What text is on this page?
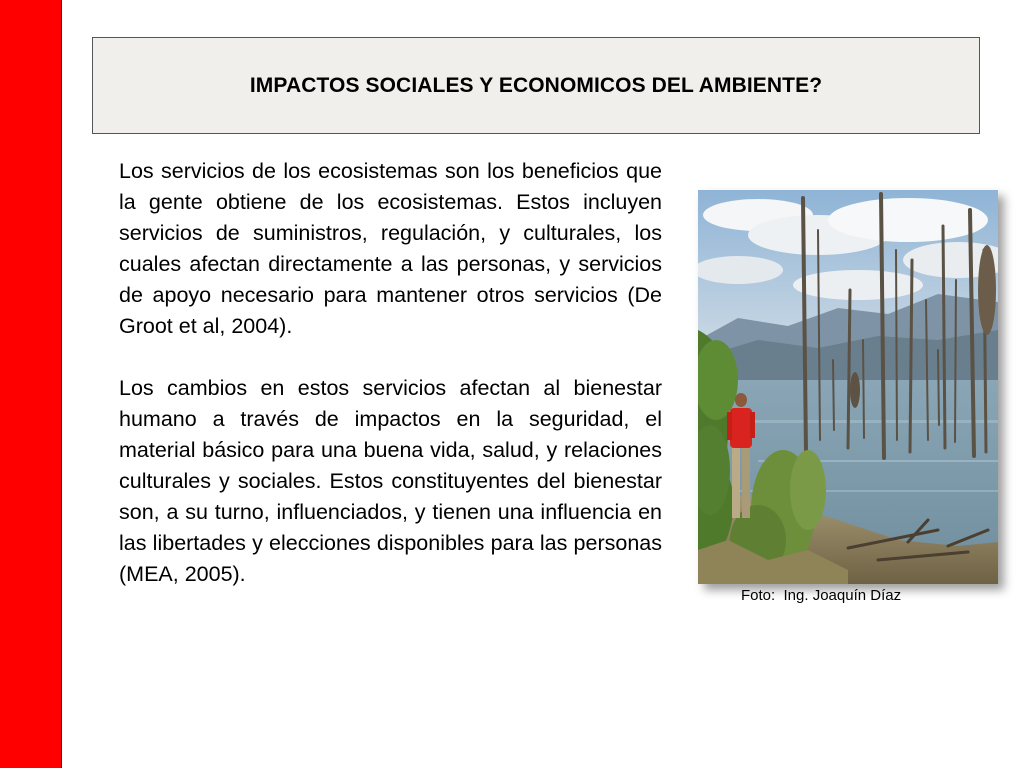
IMPACTOS SOCIALES Y ECONOMICOS DEL AMBIENTE?

Los servicios de los ecosistemas son los beneficios que la gente obtiene de los ecosistemas. Estos incluyen servicios de suministros, regulación, y culturales, los cuales afectan directamente a las personas, y servicios de apoyo necesario para mantener otros servicios (De Groot et al, 2004).

Los cambios en estos servicios afectan al bienestar humano a través de impactos en la seguridad, el material básico para una buena vida, salud, y relaciones culturales y sociales. Estos constituyentes del bienestar son, a su turno, influenciados, y tienen una influencia en las libertades y elecciones disponibles para las personas (MEA, 2005).

Foto:  Ing. Joaquín Díaz
